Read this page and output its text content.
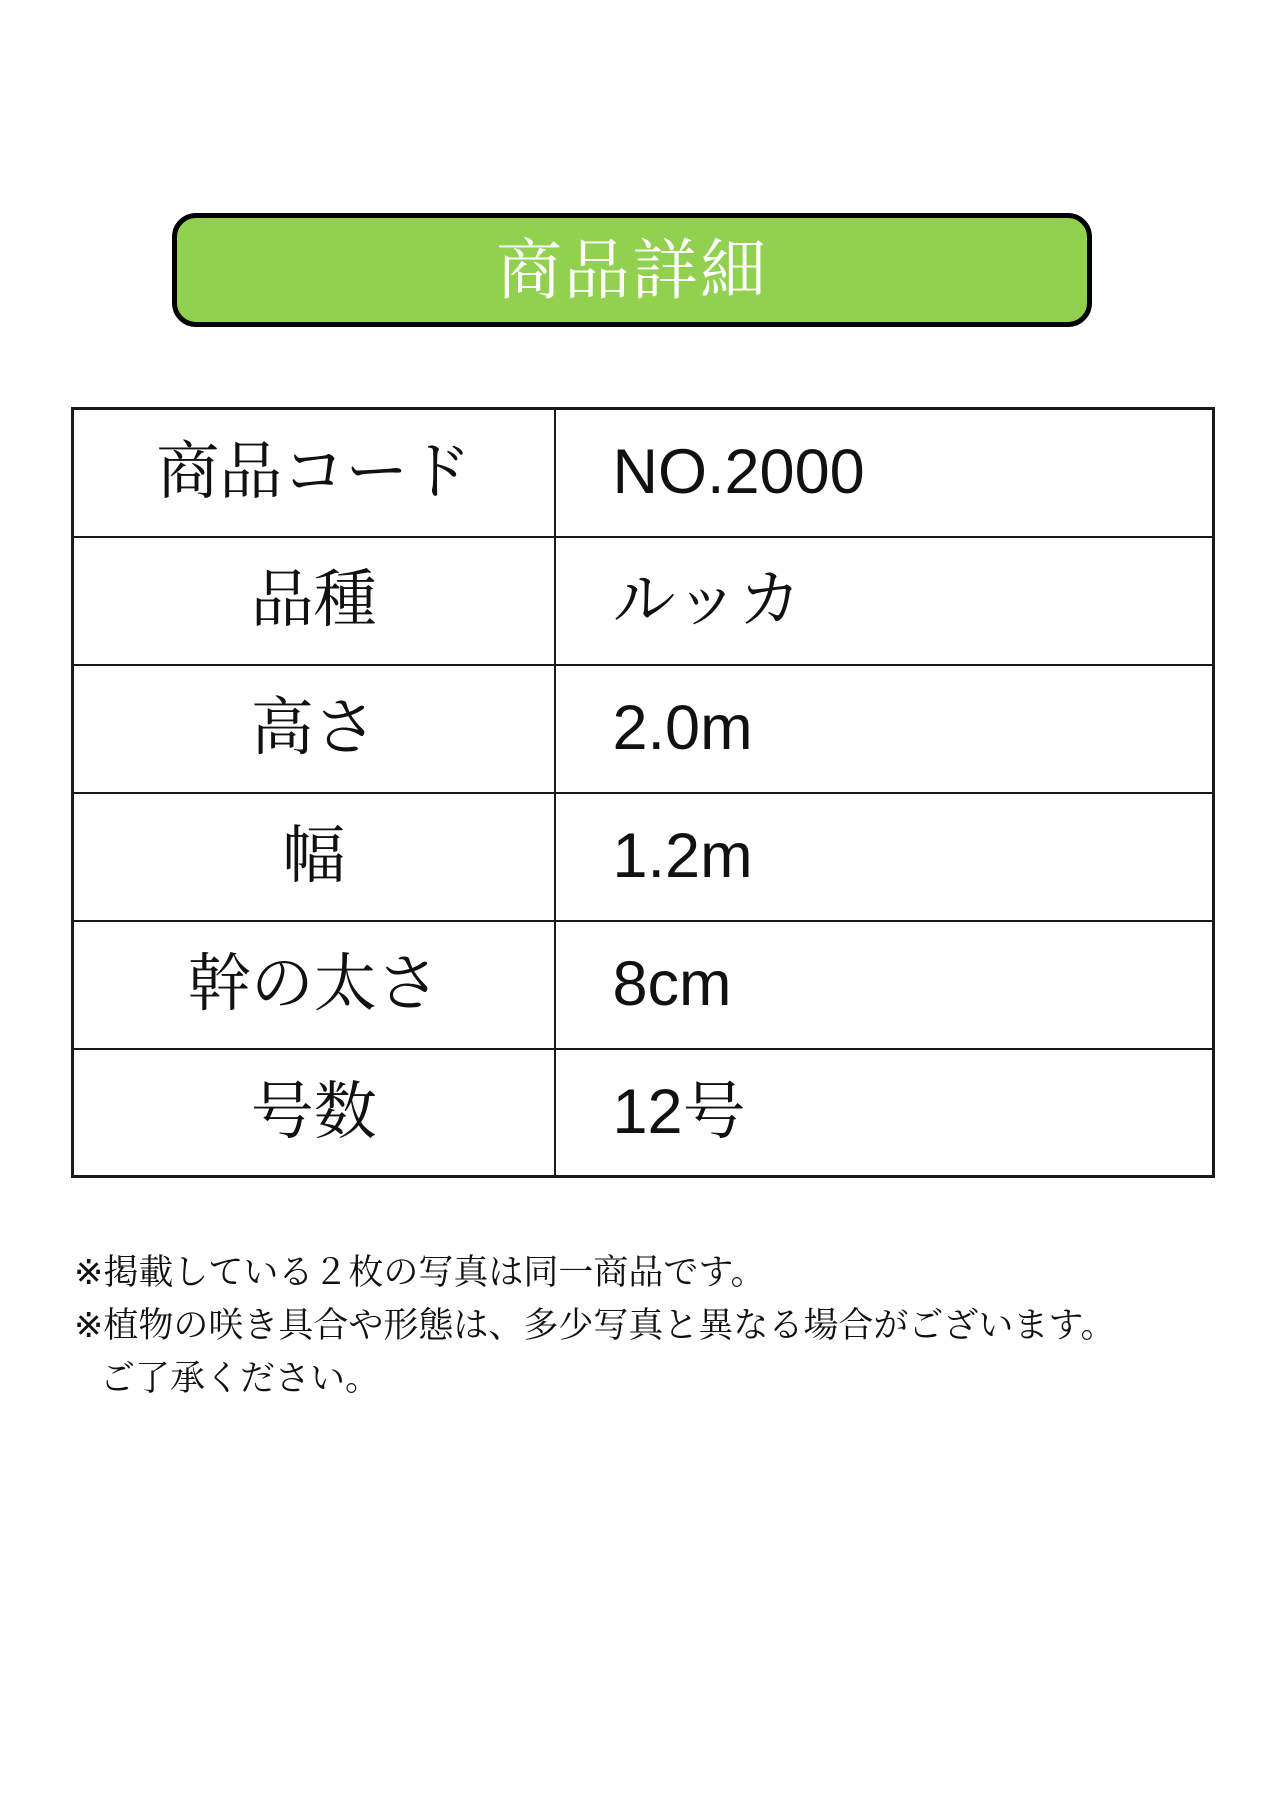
商品詳細
商品コード	NO.2000
品種	ルッカ
高さ	2.0m
幅	1.2m
幹の太さ	8cm
号数	12号

※掲載している２枚の写真は同一商品です。

※植物の咲き具合や形態は、多少写真と異なる場合がございます。

ご了承ください。
